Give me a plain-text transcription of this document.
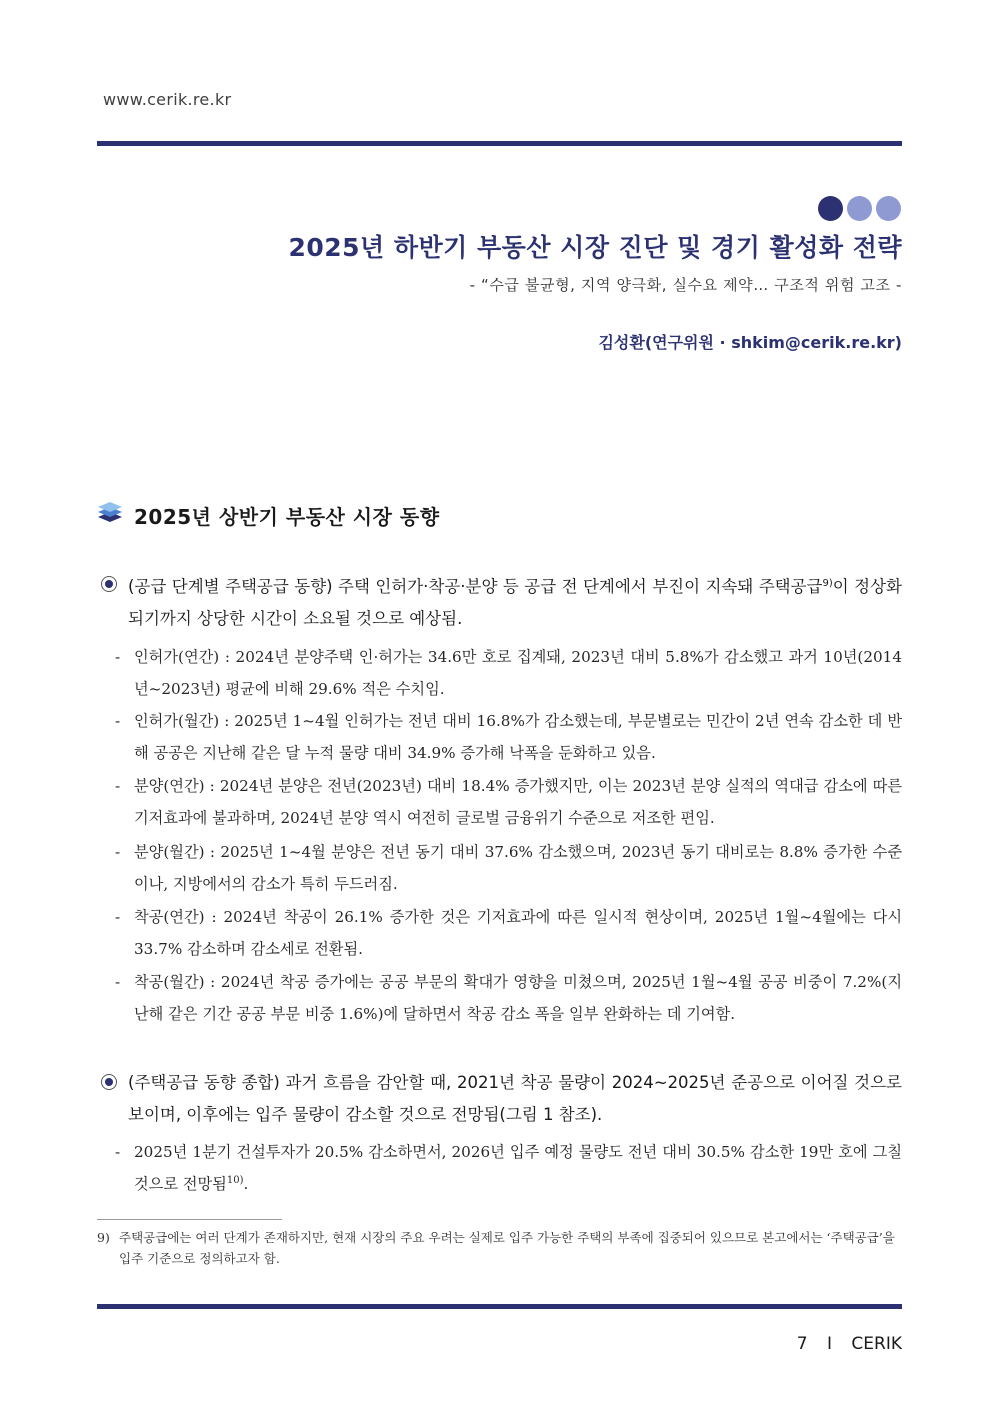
www.cerik.re.kr
2025년 하반기 부동산 시장 진단 및 경기 활성화 전략
- “수급 불균형, 지역 양극화, 실수요 제약… 구조적 위험 고조 -
김성환(연구위원 · shkim@cerik.re.kr)
2025년 상반기 부동산 시장 동향
(공급 단계별 주택공급 동향) 주택 인허가·착공·분양 등 공급 전 단계에서 부진이 지속돼 주택공급$^{9)}$이 정상화되기까지 상당한 시간이 소요될 것으로 예상됨.
- 인허가(연간) : 2024년 분양주택 인·허가는 34.6만 호로 집계돼, 2023년 대비 5.8%가 감소했고 과거 10년(2014년~2023년) 평균에 비해 29.6% 적은 수치임.
- 인허가(월간) : 2025년 1~4월 인허가는 전년 대비 16.8%가 감소했는데, 부문별로는 민간이 2년 연속 감소한 데 반해 공공은 지난해 같은 달 누적 물량 대비 34.9% 증가해 낙폭을 둔화하고 있음.
- 분양(연간) : 2024년 분양은 전년(2023년) 대비 18.4% 증가했지만, 이는 2023년 분양 실적의 역대급 감소에 따른 기저효과에 불과하며, 2024년 분양 역시 여전히 글로벌 금융위기 수준으로 저조한 편임.
- 분양(월간) : 2025년 1~4월 분양은 전년 동기 대비 37.6% 감소했으며, 2023년 동기 대비로는 8.8% 증가한 수준이나, 지방에서의 감소가 특히 두드러짐.
- 착공(연간) : 2024년 착공이 26.1% 증가한 것은 기저효과에 따른 일시적 현상이며, 2025년 1월~4월에는 다시 33.7% 감소하며 감소세로 전환됨.
- 착공(월간) : 2024년 착공 증가에는 공공 부문의 확대가 영향을 미쳤으며, 2025년 1월~4월 공공 비중이 7.2%(지난해 같은 기간 공공 부문 비중 1.6%)에 달하면서 착공 감소 폭을 일부 완화하는 데 기여함.
(주택공급 동향 종합) 과거 흐름을 감안할 때, 2021년 착공 물량이 2024~2025년 준공으로 이어질 것으로 보이며, 이후에는 입주 물량이 감소할 것으로 전망됨(그림 1 참조).
- 2025년 1분기 건설투자가 20.5% 감소하면서, 2026년 입주 예정 물량도 전년 대비 30.5% 감소한 19만 호에 그칠 것으로 전망됨$^{10)}$.
9) 주택공급에는 여러 단계가 존재하지만, 현재 시장의 주요 우려는 실제로 입주 가능한 주택의 부족에 집중되어 있으므로 본고에서는 ‘주택공급’을 입주 기준으로 정의하고자 함.
7 I CERIK
